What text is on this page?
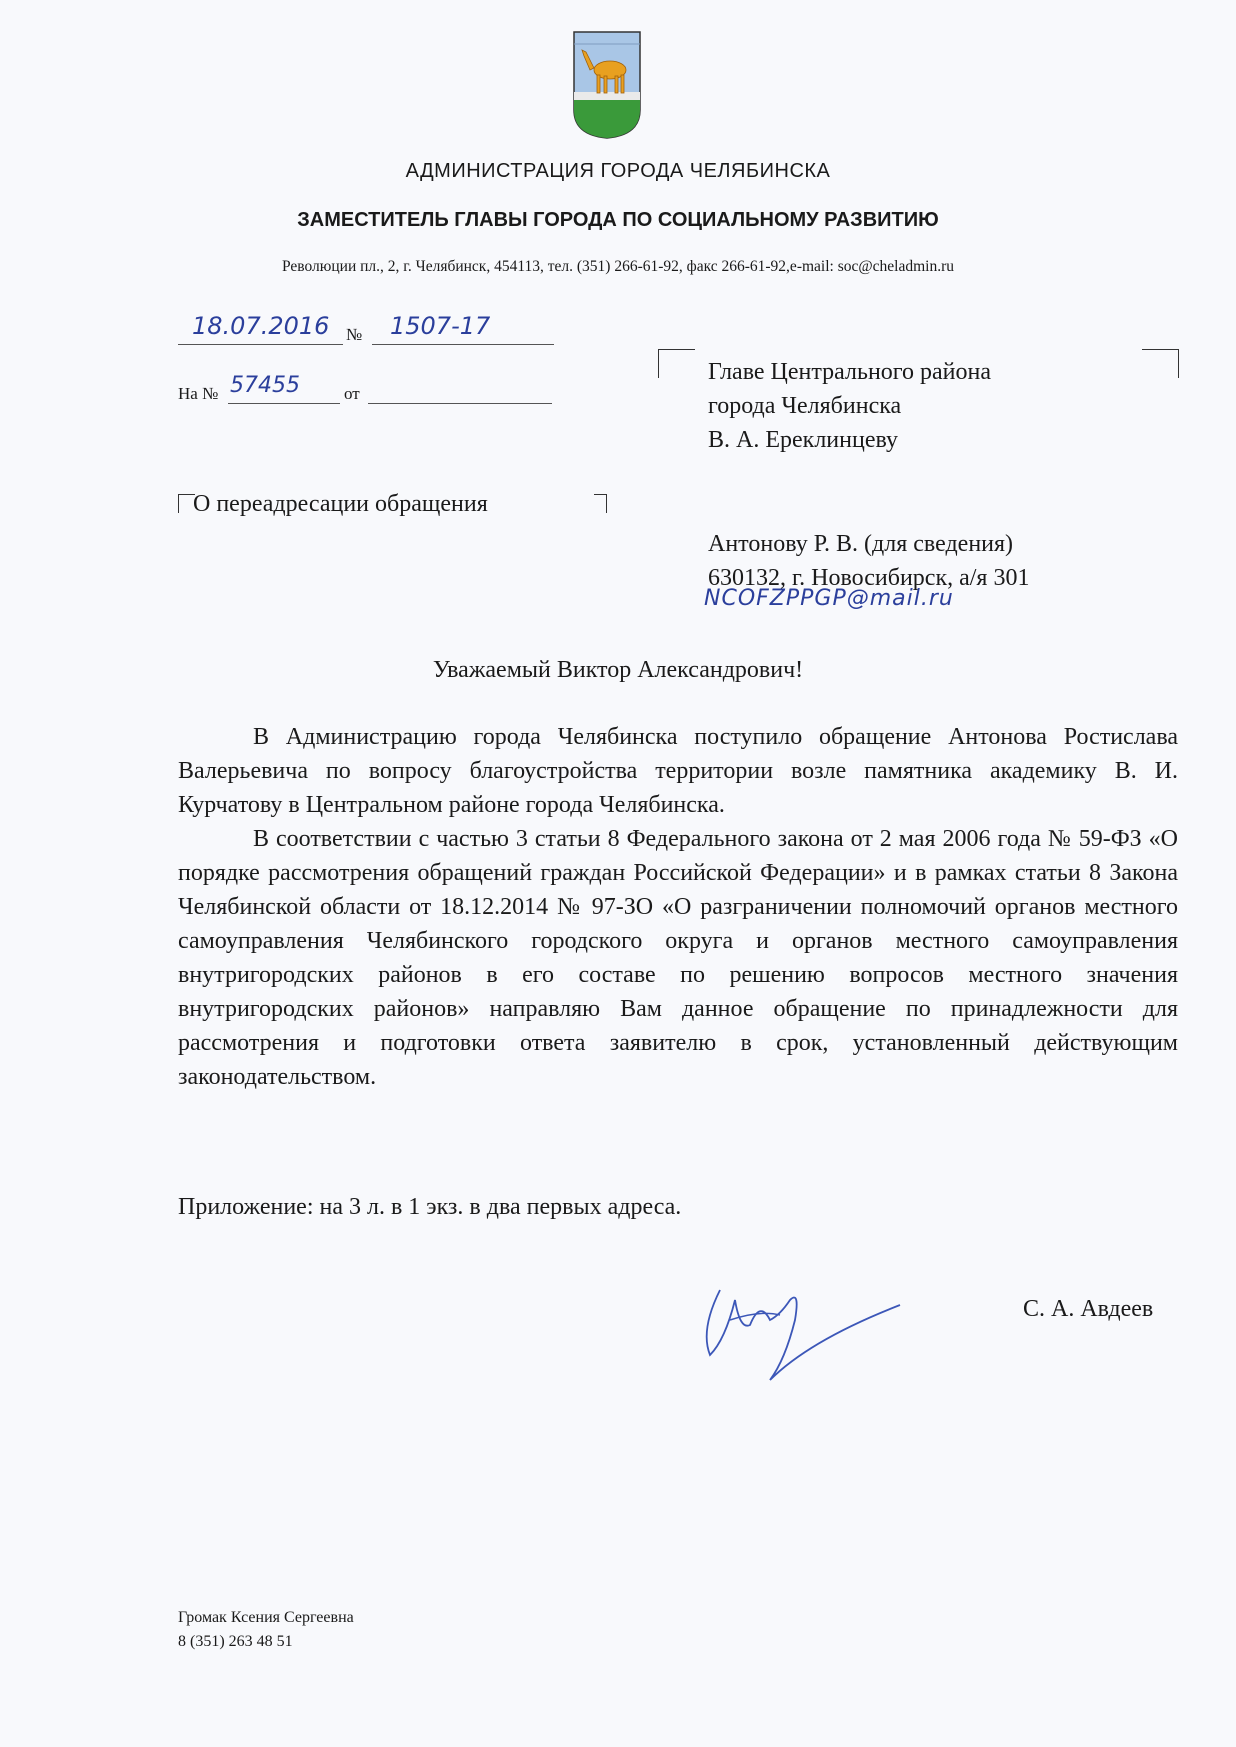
АДМИНИСТРАЦИЯ ГОРОДА ЧЕЛЯБИНСКА
ЗАМЕСТИТЕЛЬ ГЛАВЫ ГОРОДА ПО СОЦИАЛЬНОМУ РАЗВИТИЮ
Революции пл., 2, г. Челябинск, 454113, тел. (351) 266-61-92, факс 266-61-92,e-mail: soc@cheladmin.ru
18.07.2016 №	1507-17
На № 57455	от
Главе Центрального района
города Челябинска
В. А. Ереклинцеву
О переадресации обращения
Антонову Р. В. (для сведения)
630132, г. Новосибирск, а/я 301
NCOFZPPGP@mail.ru
Уважаемый Виктор Александрович!

В Администрацию города Челябинска поступило обращение Антонова Ростислава Валерьевича по вопросу благоустройства территории возле памятника академику В. И. Курчатову в Центральном районе города Челябинска.

В соответствии с частью 3 статьи 8 Федерального закона от 2 мая 2006 года № 59-ФЗ «О порядке рассмотрения обращений граждан Российской Федерации» и в рамках статьи 8 Закона Челябинской области от 18.12.2014 № 97-ЗО «О разграничении полномочий органов местного самоуправления Челябинского городского округа и органов местного самоуправления внутригородских районов в его составе по решению вопросов местного значения внутригородских районов» направляю Вам данное обращение по принадлежности для рассмотрения и подготовки ответа заявителю в срок, установленный действующим законодательством.

Приложение: на 3 л. в 1 экз. в два первых адреса.
С. А. Авдеев
Громак Ксения Сергеевна
8 (351) 263 48 51
